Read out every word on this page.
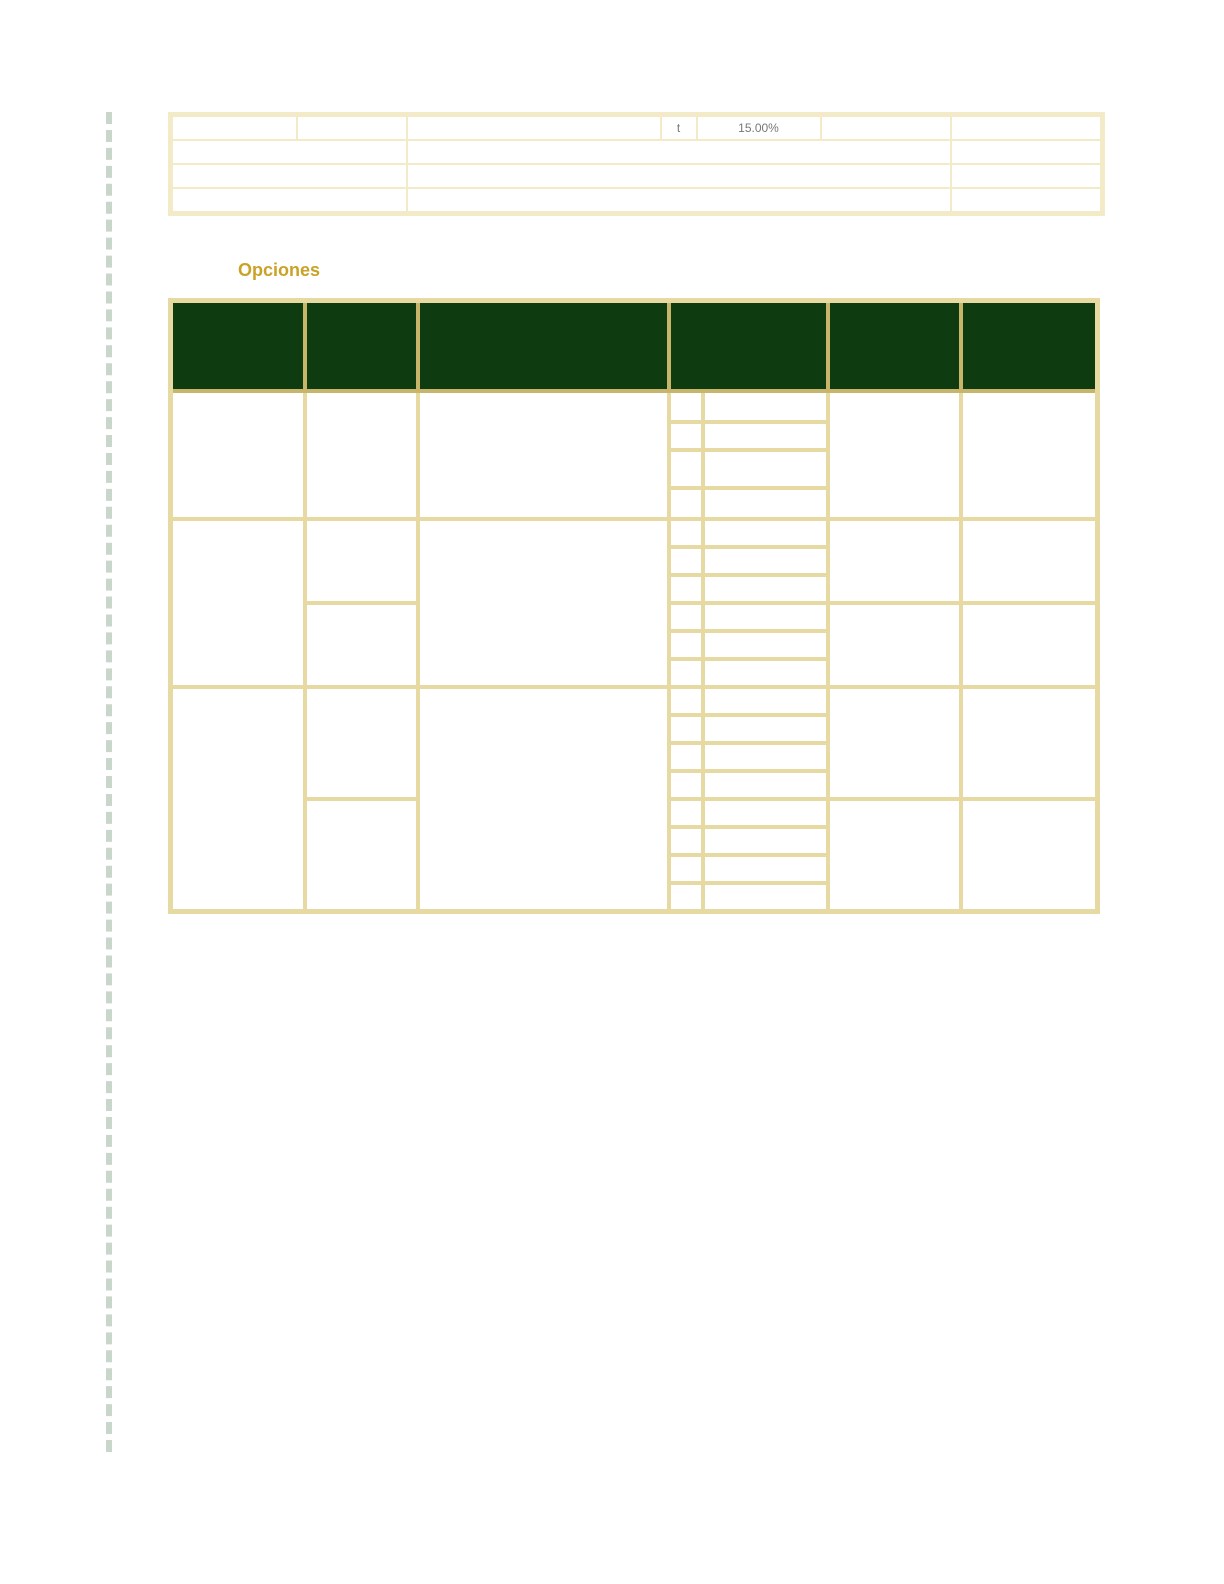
			t	15.00%		

Opciones
